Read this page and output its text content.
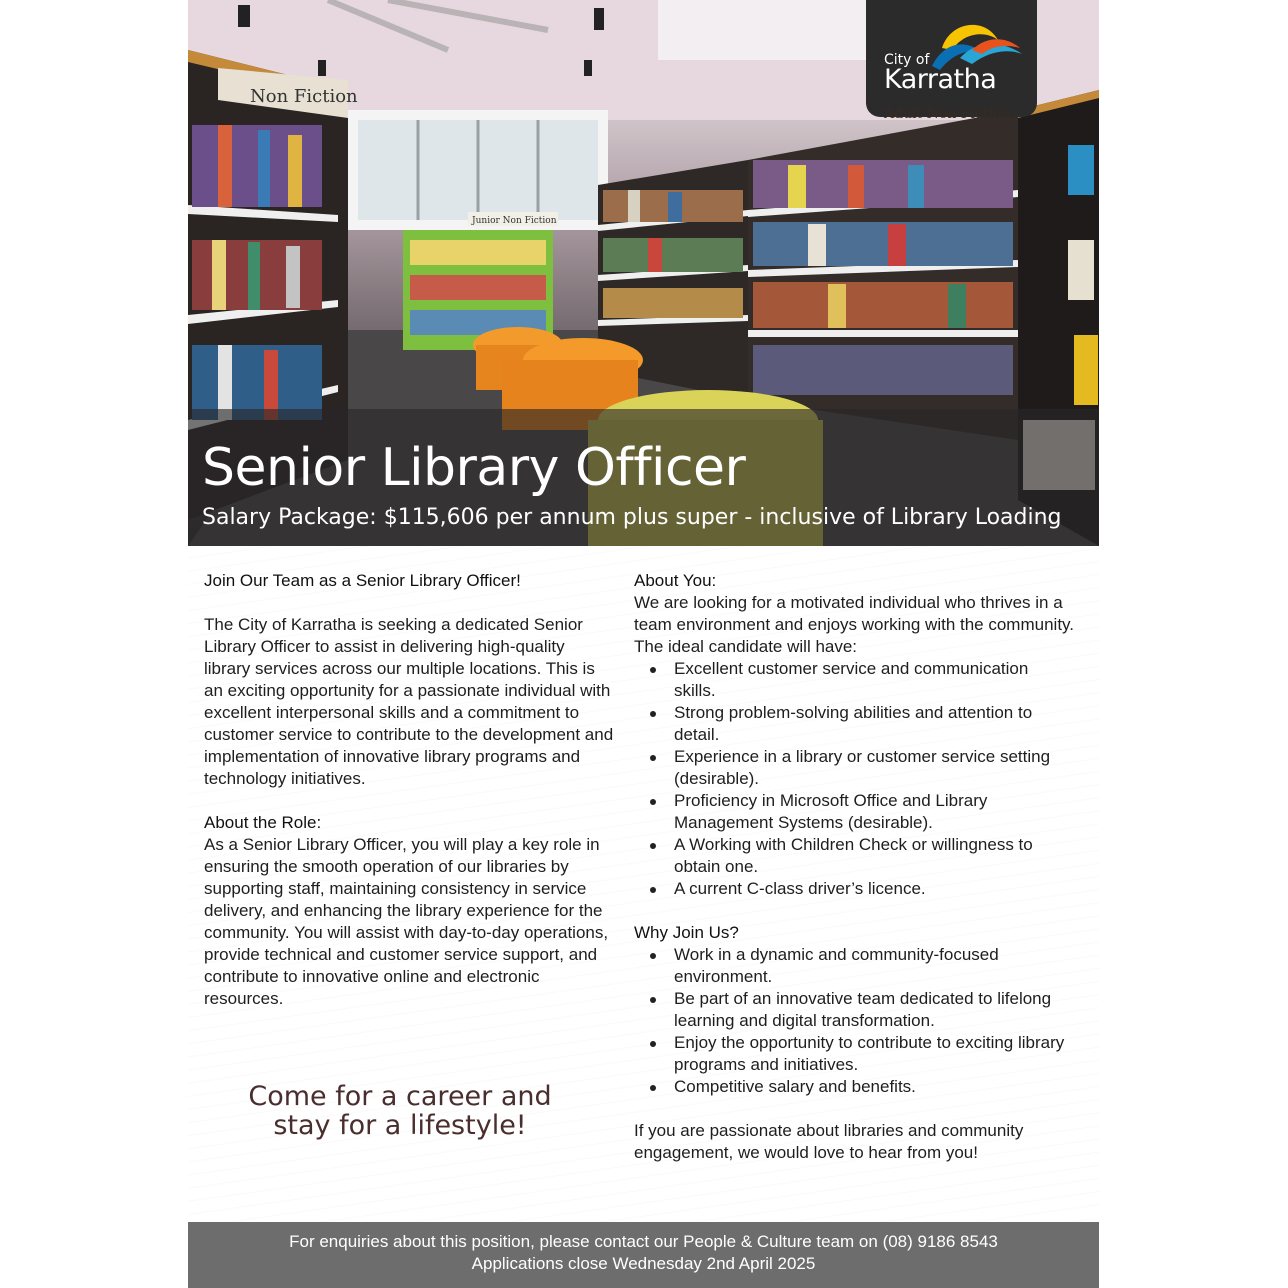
Non Fiction
Junior Non Fiction
City of
Karratha
Adult Non Fiction
Senior Library Officer
Salary Package: $115,606 per annum plus super - inclusive of Library Loading

Join Our Team as a Senior Library Officer!

The City of Karratha is seeking a dedicated Senior Library Officer to assist in delivering high-quality library services across our multiple locations. This is an exciting opportunity for a passionate individual with excellent interpersonal skills and a commitment to customer service to contribute to the development and implementation of innovative library programs and technology initiatives.

About the Role:

As a Senior Library Officer, you will play a key role in ensuring the smooth operation of our libraries by supporting staff, maintaining consistency in service delivery, and enhancing the library experience for the community. You will assist with day-to-day operations, provide technical and customer service support, and contribute to innovative online and electronic resources.

Come for a career and
stay for a lifestyle!

About You:

We are looking for a motivated individual who thrives in a team environment and enjoys working with the community. The ideal candidate will have:

Excellent customer service and communication skills.
Strong problem-solving abilities and attention to detail.
Experience in a library or customer service setting (desirable).
Proficiency in Microsoft Office and Library Management Systems (desirable).
A Working with Children Check or willingness to obtain one.
A current C-class driver’s licence.

Why Join Us?

Work in a dynamic and community-focused environment.
Be part of an innovative team dedicated to lifelong learning and digital transformation.
Enjoy the opportunity to contribute to exciting library programs and initiatives.
Competitive salary and benefits.

If you are passionate about libraries and community engagement, we would love to hear from you!

For enquiries about this position, please contact our People & Culture team on (08) 9186 8543
Applications close Wednesday 2nd April 2025
